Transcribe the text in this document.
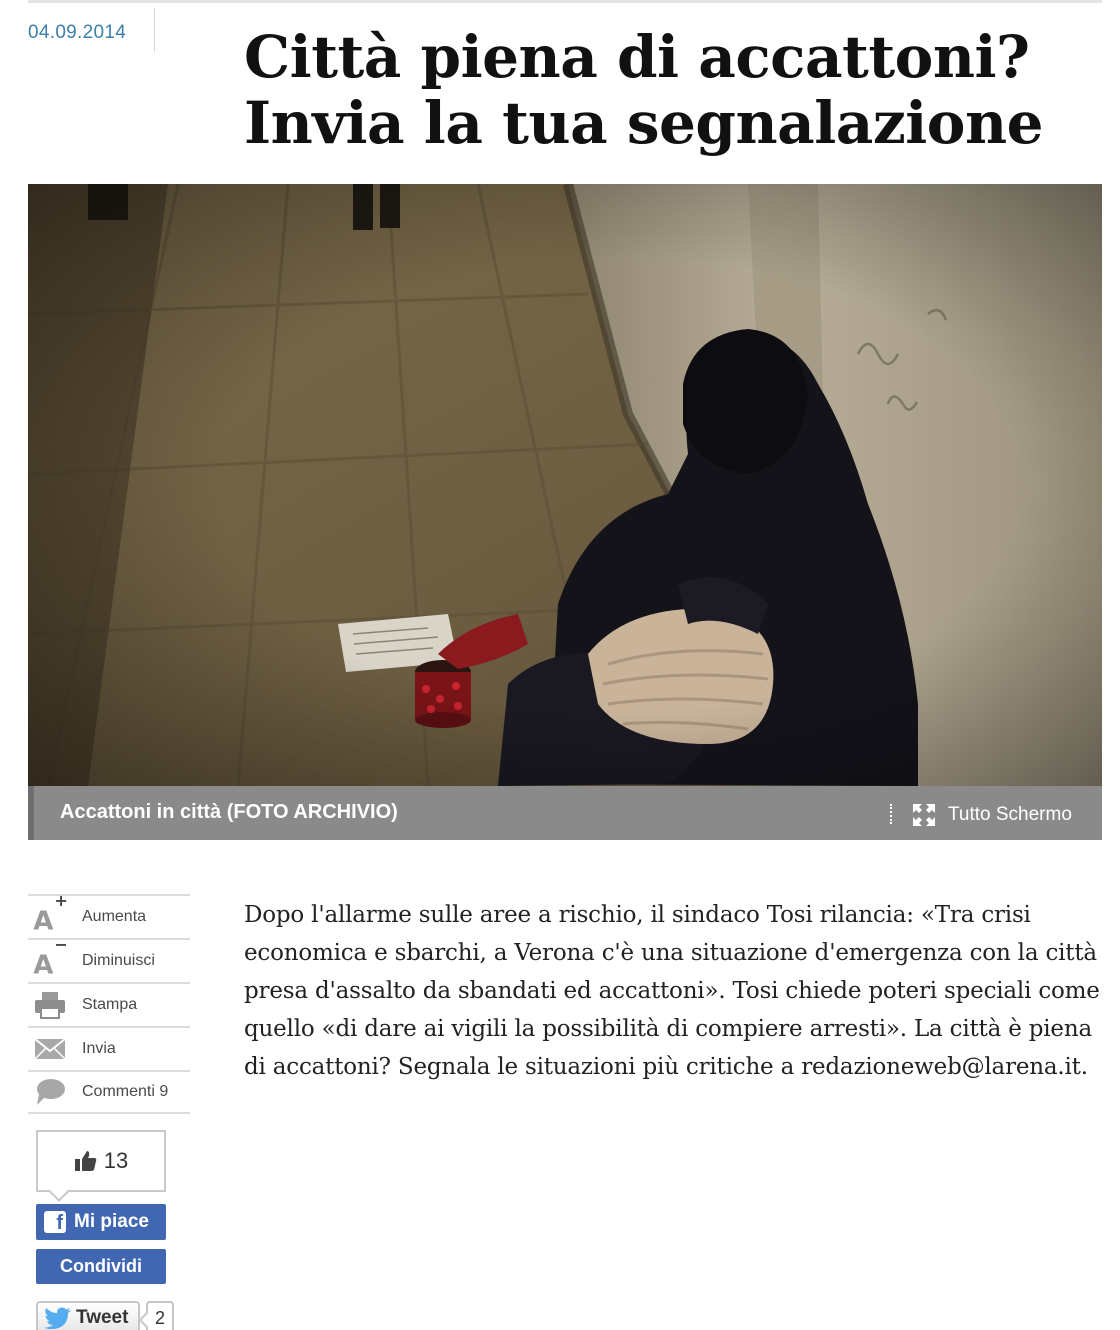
04.09.2014 Città piena di accattoni?
Invia la tua segnalazione
Accattoni in città (FOTO ARCHIVIO)	Tutto Schermo
A+
Aumenta
A−
Diminuisci
Stampa
Invia
Commenti 9
13
f Mi piace
Condividi
Tweet	2
Dopo l'allarme sulle aree a rischio, il sindaco Tosi rilancia: «Tra crisi economica e sbarchi, a Verona c'è una situazione d'emergenza con la città presa d'assalto da sbandati ed accattoni». Tosi chiede poteri speciali come quello «di dare ai vigili la possibilità di compiere arresti». La città è piena di accattoni? Segnala le situazioni più critiche a redazioneweb@larena.it.
